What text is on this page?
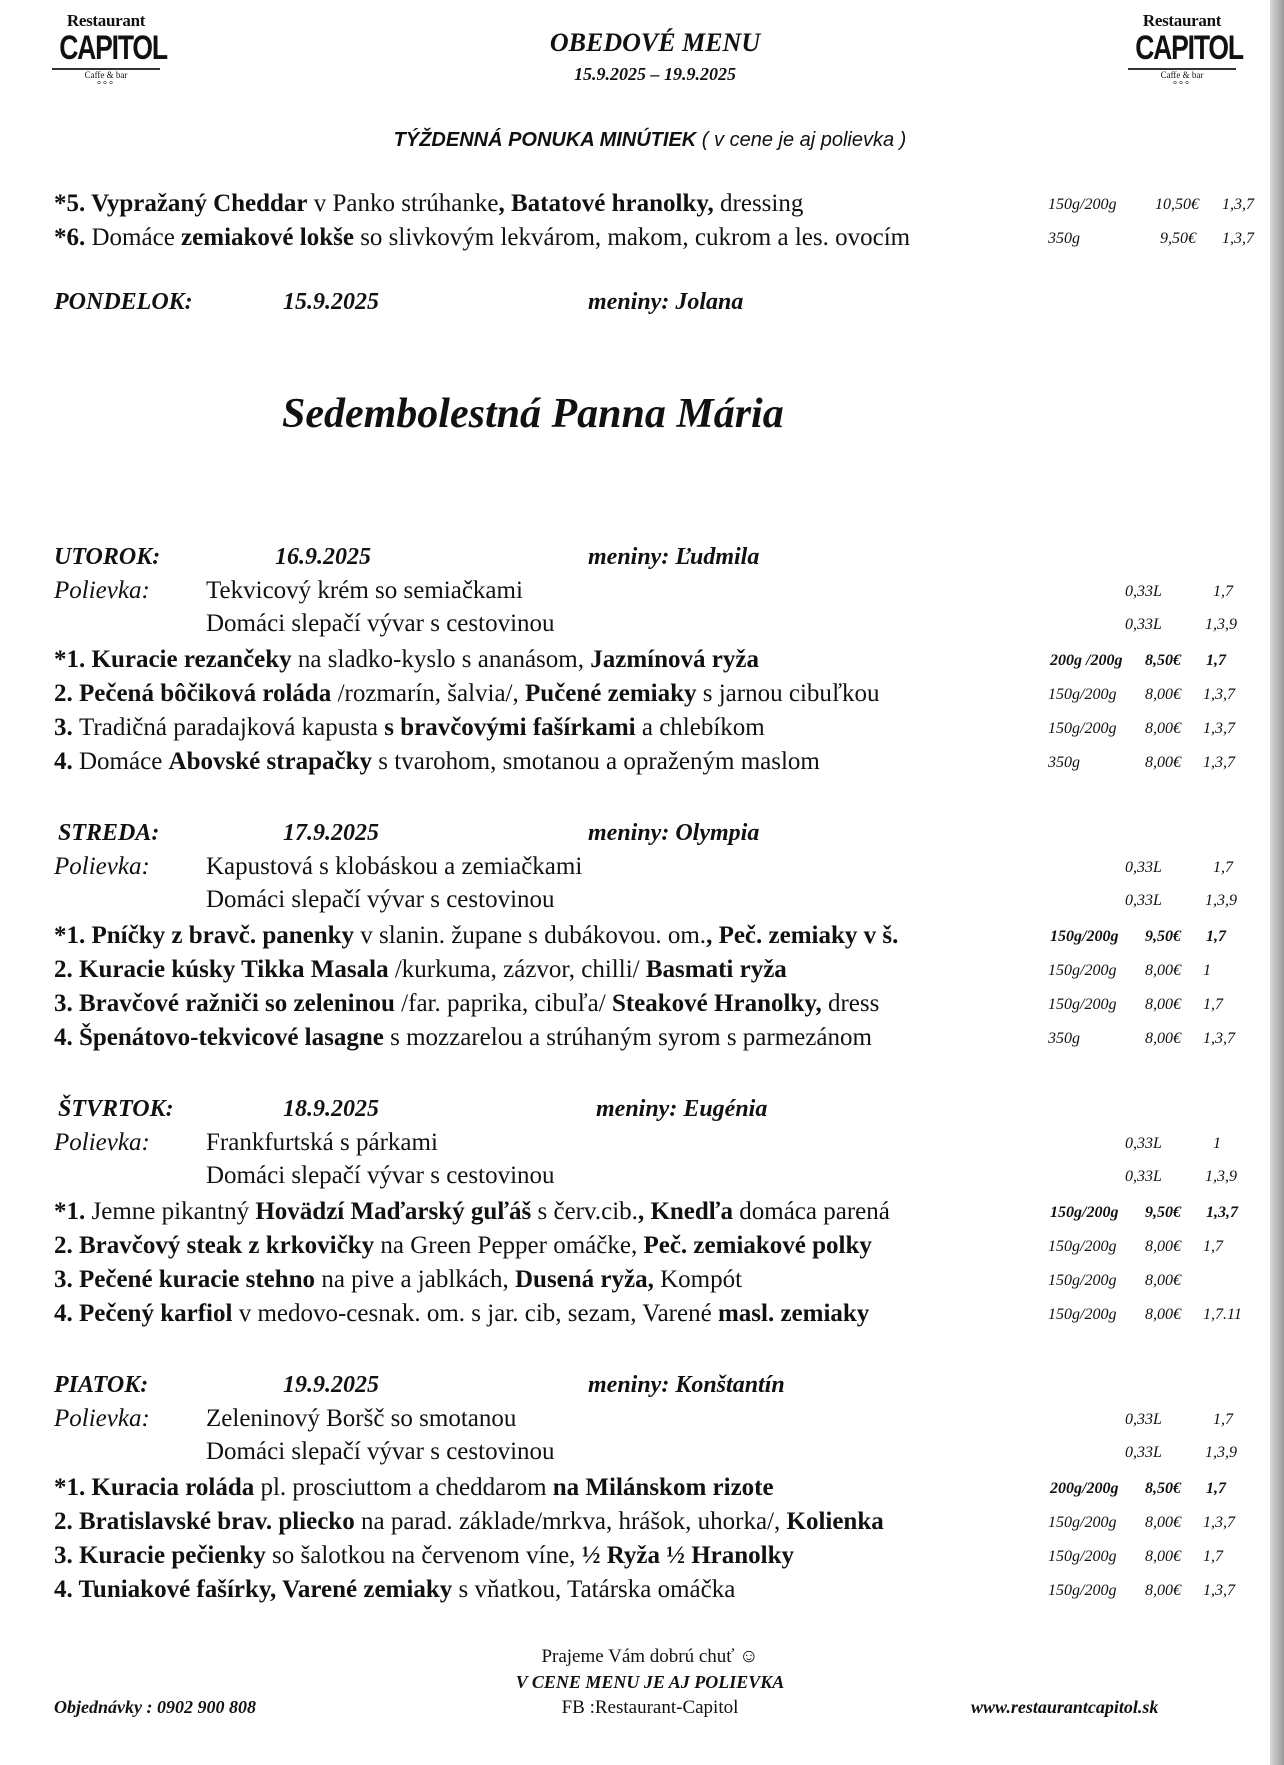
Restaurant
CAPITOL
Caffe & bar
°°°
Restaurant
CAPITOL
Caffe & bar
°°°
OBEDOVÉ MENU
15.9.2025 – 19.9.2025
TÝŽDENNÁ PONUKA MINÚTIEK ( v cene je aj polievka )
*5. Vypražaný Cheddar v Panko strúhanke, Batatové hranolky, dressing	150g/200g 10,50€ 1,3,7
*6. Domáce zemiakové lokše so slivkovým lekvárom, makom, cukrom a les. ovocím	350g	9,50€ 1,3,7
PONDELOK:	15.9.2025	meniny: Jolana
Sedembolestná Panna Mária
UTOROK:	16.9.2025	meniny: Ľudmila
Polievka: Tekvicový krém so semiačkami	0,33L	1,7
Domáci slepačí vývar s cestovinou	0,33L	1,3,9
*1. Kuracie rezančeky na sladko-kyslo s ananásom, Jazmínová ryža	200g /200g 8,50€ 1,7
2. Pečená bôčiková roláda /rozmarín, šalvia/, Pučené zemiaky s jarnou cibuľkou	150g/200g 8,00€ 1,3,7
3. Tradičná paradajková kapusta s bravčovými fašírkami a chlebíkom	150g/200g 8,00€ 1,3,7
4. Domáce Abovské strapačky s tvarohom, smotanou a opraženým maslom	350g	8,00€ 1,3,7
STREDA:	17.9.2025	meniny: Olympia
Polievka: Kapustová s klobáskou a zemiačkami	0,33L	1,7
Domáci slepačí vývar s cestovinou	0,33L	1,3,9
*1. Pníčky z bravč. panenky v slanin. župane s dubákovou. om., Peč. zemiaky v š.	150g/200g 9,50€ 1,7
2. Kuracie kúsky Tikka Masala /kurkuma, zázvor, chilli/ Basmati ryža	150g/200g 8,00€ 1
3. Bravčové ražniči so zeleninou /far. paprika, cibuľa/ Steakové Hranolky, dress	150g/200g 8,00€ 1,7
4. Špenátovo-tekvicové lasagne s mozzarelou a strúhaným syrom s parmezánom	350g	8,00€ 1,3,7
ŠTVRTOK:	18.9.2025	meniny: Eugénia
Polievka: Frankfurtská s párkami	0,33L	1
Domáci slepačí vývar s cestovinou	0,33L	1,3,9
*1. Jemne pikantný Hovädzí Maďarský guľáš s červ.cib., Knedľa domáca parená	150g/200g 9,50€ 1,3,7
2. Bravčový steak z krkovičky na Green Pepper omáčke, Peč. zemiakové polky	150g/200g 8,00€ 1,7
3. Pečené kuracie stehno na pive a jablkách, Dusená ryža, Kompót	150g/200g 8,00€
4. Pečený karfiol v medovo-cesnak. om. s jar. cib, sezam, Varené masl. zemiaky	150g/200g 8,00€ 1,7.11
PIATOK:	19.9.2025	meniny: Konštantín
Polievka: Zeleninový Boršč so smotanou	0,33L	1,7
Domáci slepačí vývar s cestovinou	0,33L	1,3,9
*1. Kuracia roláda pl. prosciuttom a cheddarom na Milánskom rizote	200g/200g 8,50€ 1,7
2. Bratislavské brav. pliecko na parad. základe/mrkva, hrášok, uhorka/, Kolienka	150g/200g 8,00€ 1,3,7
3. Kuracie pečienky so šalotkou na červenom víne, ½ Ryža ½ Hranolky	150g/200g 8,00€ 1,7
4. Tuniakové fašírky, Varené zemiaky s vňatkou, Tatárska omáčka	150g/200g 8,00€ 1,3,7
Prajeme Vám dobrú chuť ☺
V CENE MENU JE AJ POLIEVKA
Objednávky : 0902 900 808	FB :Restaurant-Capitol	www.restaurantcapitol.sk
